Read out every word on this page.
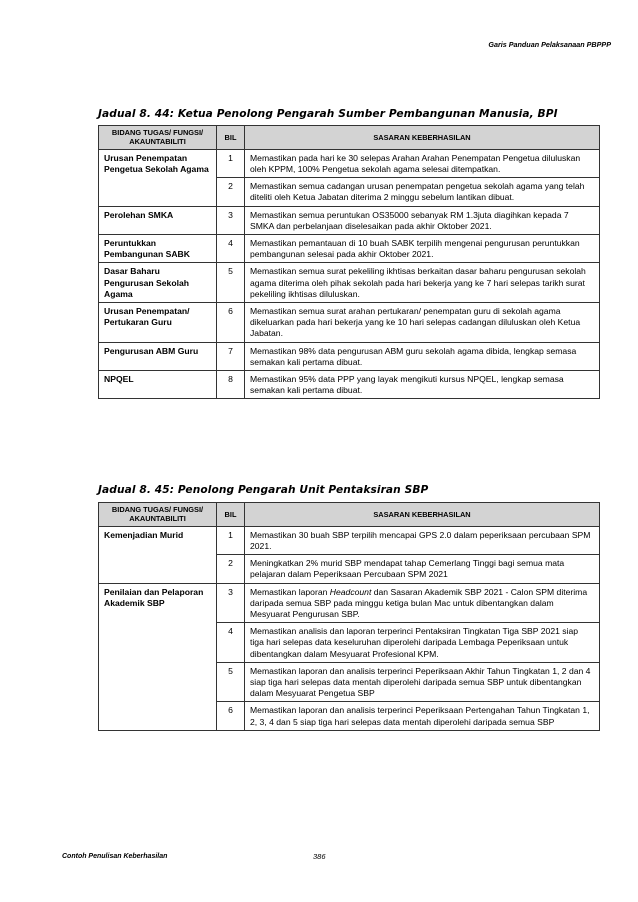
Garis Panduan Pelaksanaan PBPPP
Jadual 8. 44: Ketua Penolong Pengarah Sumber Pembangunan Manusia, BPI
BIDANG TUGAS/ FUNGSI/ AKAUNTABILITI	BIL	SASARAN KEBERHASILAN
Urusan Penempatan Pengetua Sekolah Agama	1	Memastikan pada hari ke 30 selepas Arahan Arahan Penempatan Pengetua diluluskan oleh KPPM, 100% Pengetua sekolah agama selesai ditempatkan.
	2	Memastikan semua cadangan urusan penempatan pengetua sekolah agama yang telah diteliti oleh Ketua Jabatan diterima 2 minggu sebelum lantikan dibuat.
Perolehan SMKA	3	Memastikan semua peruntukan OS35000 sebanyak RM 1.3juta diagihkan kepada 7 SMKA dan perbelanjaan diselesaikan pada akhir Oktober 2021.
Peruntukkan Pembangunan SABK	4	Memastikan pemantauan di 10 buah SABK terpilih mengenai pengurusan peruntukkan pembangunan selesai pada akhir Oktober 2021.
Dasar Baharu Pengurusan Sekolah Agama	5	Memastikan semua surat pekeliling ikhtisas berkaitan dasar baharu pengurusan sekolah agama diterima oleh pihak sekolah pada hari bekerja yang ke 7 hari selepas tarikh surat pekeliling ikhtisas diluluskan.
Urusan Penempatan/ Pertukaran Guru	6	Memastikan semua surat arahan pertukaran/ penempatan guru di sekolah agama dikeluarkan pada hari bekerja yang ke 10 hari selepas cadangan diluluskan oleh Ketua Jabatan.
Pengurusan ABM Guru	7	Memastikan 98% data pengurusan ABM guru sekolah agama dibida, lengkap semasa semakan kali pertama dibuat.
NPQEL	8	Memastikan 95% data PPP yang layak mengikuti kursus NPQEL, lengkap semasa semakan kali pertama dibuat.
Jadual 8. 45: Penolong Pengarah Unit Pentaksiran SBP
BIDANG TUGAS/ FUNGSI/ AKAUNTABILITI	BIL	SASARAN KEBERHASILAN
Kemenjadian Murid	1	Memastikan 30 buah SBP terpilih mencapai GPS 2.0 dalam peperiksaan percubaan SPM 2021.
	2	Meningkatkan 2% murid SBP mendapat tahap Cemerlang Tinggi bagi semua mata pelajaran dalam Peperiksaan Percubaan SPM 2021
Penilaian dan Pelaporan Akademik SBP	3	Memastikan laporan Headcount dan Sasaran Akademik SBP 2021 - Calon SPM diterima daripada semua SBP pada minggu ketiga bulan Mac untuk dibentangkan dalam Mesyuarat Pengurusan SBP.
	4	Memastikan analisis dan laporan terperinci Pentaksiran Tingkatan Tiga SBP 2021 siap tiga hari selepas data keseluruhan diperolehi daripada Lembaga Peperiksaan untuk dibentangkan dalam Mesyuarat Profesional KPM.
	5	Memastikan laporan dan analisis terperinci Peperiksaan Akhir Tahun Tingkatan 1, 2 dan 4 siap tiga hari selepas data mentah diperolehi daripada semua SBP untuk dibentangkan dalam Mesyuarat Pengetua SBP
	6	Memastikan laporan dan analisis terperinci Peperiksaan Pertengahan Tahun Tingkatan 1, 2, 3, 4 dan 5 siap tiga hari selepas data mentah diperolehi daripada semua SBP
Contoh Penulisan Keberhasilan	386
